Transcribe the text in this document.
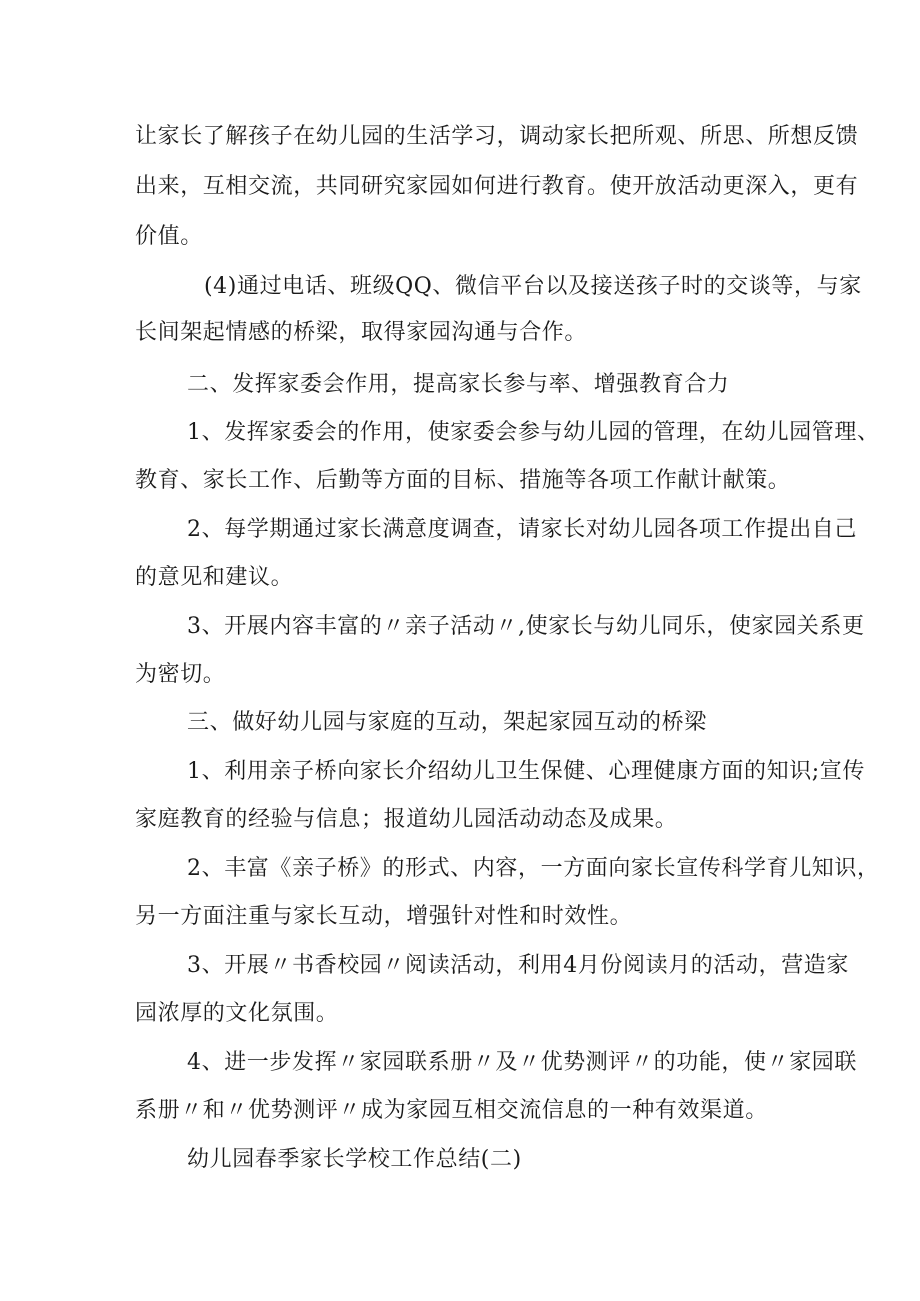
让家长了解孩子在幼儿园的生活学习，调动家长把所观、所思、所想反馈
出来，互相交流，共同研究家园如何进行教育。使开放活动更深入，更有
价值。
(4)通过电话、班级QQ、微信平台以及接送孩子时的交谈等，与家
长间架起情感的桥梁，取得家园沟通与合作。
二、发挥家委会作用，提高家长参与率、增强教育合力
1、发挥家委会的作用，使家委会参与幼儿园的管理，在幼儿园管理、
教育、家长工作、后勤等方面的目标、措施等各项工作献计献策。
2、每学期通过家长满意度调查，请家长对幼儿园各项工作提出自己
的意见和建议。
3、开展内容丰富的〃亲子活动〃,使家长与幼儿同乐，使家园关系更
为密切。
三、做好幼儿园与家庭的互动，架起家园互动的桥梁
1、利用亲子桥向家长介绍幼儿卫生保健、心理健康方面的知识;宣传
家庭教育的经验与信息；报道幼儿园活动动态及成果。
2、丰富《亲子桥》的形式、内容，一方面向家长宣传科学育儿知识，
另一方面注重与家长互动，增强针对性和时效性。
3、开展〃书香校园〃阅读活动，利用4月份阅读月的活动，营造家
园浓厚的文化氛围。
4、进一步发挥〃家园联系册〃及〃优势测评〃的功能，使〃家园联
系册〃和〃优势测评〃成为家园互相交流信息的一种有效渠道。
幼儿园春季家长学校工作总结(二)
